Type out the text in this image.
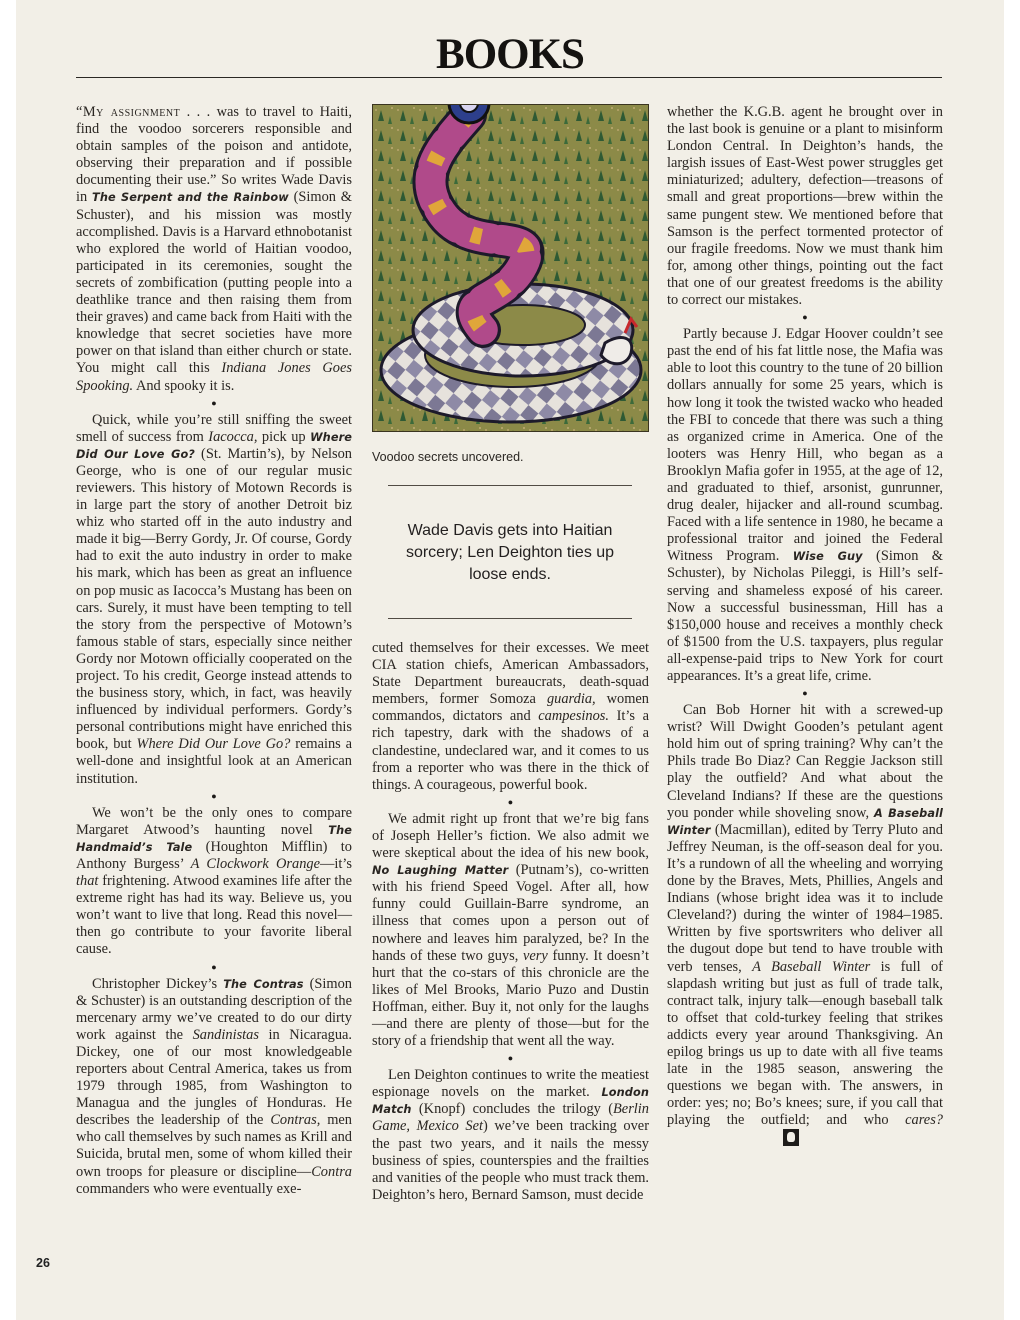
BOOKS

“My assignment . . . was to travel to Haiti, find the voodoo sorcerers responsible and obtain samples of the poison and antidote, observing their preparation and if possible documenting their use.” So writes Wade Davis in The Serpent and the Rainbow (Simon & Schuster), and his mission was mostly accomplished. Davis is a Harvard ethnobotanist who explored the world of Haitian voodoo, participated in its ceremonies, sought the secrets of zombification (putting people into a deathlike trance and then raising them from their graves) and came back from Haiti with the knowledge that secret societies have more power on that island than either church or state. You might call this Indiana Jones Goes Spooking. And spooky it is.

●

Quick, while you’re still sniffing the sweet smell of success from Iacocca, pick up Where Did Our Love Go? (St. Martin’s), by Nelson George, who is one of our regular music reviewers. This history of Motown Records is in large part the story of another Detroit biz whiz who started off in the auto industry and made it big—Berry Gordy, Jr. Of course, Gordy had to exit the auto industry in order to make his mark, which has been as great an influence on pop music as Iacocca’s Mustang has been on cars. Surely, it must have been tempting to tell the story from the perspective of Motown’s famous stable of stars, especially since neither Gordy nor Motown officially cooperated on the project. To his credit, George instead attends to the business story, which, in fact, was heavily influenced by individual performers. Gordy’s personal contributions might have enriched this book, but Where Did Our Love Go? remains a well-done and insightful look at an American institution.

●

We won’t be the only ones to compare Margaret Atwood’s haunting novel The Handmaid’s Tale (Houghton Mifflin) to Anthony Burgess’ A Clockwork Orange—it’s that frightening. Atwood examines life after the extreme right has had its way. Believe us, you won’t want to live that long. Read this novel—then go contribute to your favorite liberal cause.

●

Christopher Dickey’s The Contras (Simon & Schuster) is an outstanding description of the mercenary army we’ve created to do our dirty work against the Sandinistas in Nicaragua. Dickey, one of our most knowledgeable reporters about Central America, takes us from 1979 through 1985, from Washington to Managua and the jungles of Honduras. He describes the leadership of the Contras, men who call themselves by such names as Krill and Suicida, brutal men, some of whom killed their own troops for pleasure or discipline—Contra commanders who were eventually exe-

Voodoo secrets uncovered.

Wade Davis gets into Haitian sorcery; Len Deighton ties up loose ends.

cuted themselves for their excesses. We meet CIA station chiefs, American Ambassadors, State Department bureaucrats, death-squad members, former Somoza guardia, women commandos, dictators and campesinos. It’s a rich tapestry, dark with the shadows of a clandestine, undeclared war, and it comes to us from a reporter who was there in the thick of things. A courageous, powerful book.

●

We admit right up front that we’re big fans of Joseph Heller’s fiction. We also admit we were skeptical about the idea of his new book, No Laughing Matter (Putnam’s), co-written with his friend Speed Vogel. After all, how funny could Guillain-Barre syndrome, an illness that comes upon a person out of nowhere and leaves him paralyzed, be? In the hands of these two guys, very funny. It doesn’t hurt that the co-stars of this chronicle are the likes of Mel Brooks, Mario Puzo and Dustin Hoffman, either. Buy it, not only for the laughs—and there are plenty of those—but for the story of a friendship that went all the way.

●

Len Deighton continues to write the meatiest espionage novels on the market. London Match (Knopf) concludes the trilogy (Berlin Game, Mexico Set) we’ve been tracking over the past two years, and it nails the messy business of spies, counterspies and the frailties and vanities of the people who must track them. Deighton’s hero, Bernard Samson, must decide

whether the K.G.B. agent he brought over in the last book is genuine or a plant to misinform London Central. In Deighton’s hands, the largish issues of East-West power struggles get miniaturized; adultery, defection—treasons of small and great proportions—brew within the same pungent stew. We mentioned before that Samson is the perfect tormented protector of our fragile freedoms. Now we must thank him for, among other things, pointing out the fact that one of our greatest freedoms is the ability to correct our mistakes.

●

Partly because J. Edgar Hoover couldn’t see past the end of his fat little nose, the Mafia was able to loot this country to the tune of 20 billion dollars annually for some 25 years, which is how long it took the twisted wacko who headed the FBI to concede that there was such a thing as organized crime in America. One of the looters was Henry Hill, who began as a Brooklyn Mafia gofer in 1955, at the age of 12, and graduated to thief, arsonist, gunrunner, drug dealer, hijacker and all-round scumbag. Faced with a life sentence in 1980, he became a professional traitor and joined the Federal Witness Program. Wise Guy (Simon & Schuster), by Nicholas Pileggi, is Hill’s self-serving and shameless exposé of his career. Now a successful businessman, Hill has a $150,000 house and receives a monthly check of $1500 from the U.S. taxpayers, plus regular all-expense-paid trips to New York for court appearances. It’s a great life, crime.

●

Can Bob Horner hit with a screwed-up wrist? Will Dwight Gooden’s petulant agent hold him out of spring training? Why can’t the Phils trade Bo Diaz? Can Reggie Jackson still play the outfield? And what about the Cleveland Indians? If these are the questions you ponder while shoveling snow, A Baseball Winter (Macmillan), edited by Terry Pluto and Jeffrey Neuman, is the off-season deal for you. It’s a rundown of all the wheeling and worrying done by the Braves, Mets, Phillies, Angels and Indians (whose bright idea was it to include Cleveland?) during the winter of 1984–1985. Written by five sportswriters who deliver all the dugout dope but tend to have trouble with verb tenses, A Baseball Winter is full of slapdash writing but just as full of trade talk, contract talk, injury talk—enough baseball talk to offset that cold-turkey feeling that strikes addicts every year around Thanksgiving. An epilog brings us up to date with all five teams late in the 1985 season, answering the questions we began with. The answers, in order: yes; no; Bo’s knees; sure, if you call that playing the outfield; and who cares?

26
